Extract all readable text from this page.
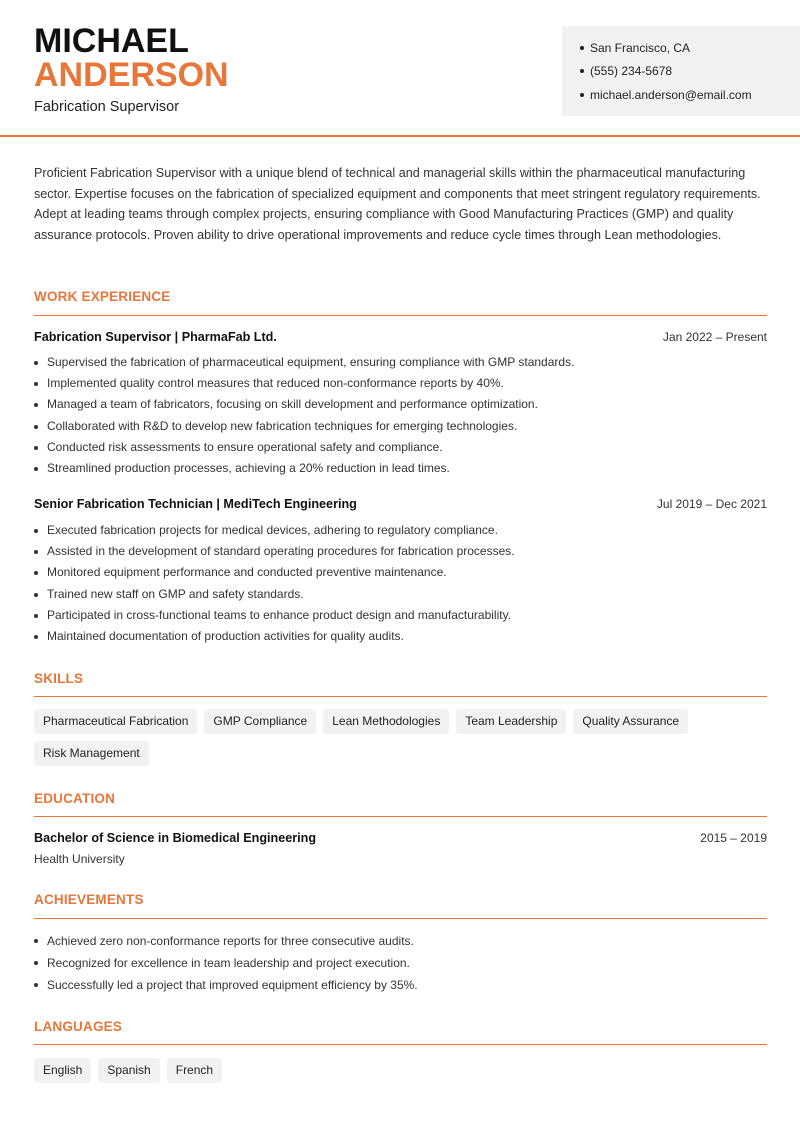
MICHAEL
ANDERSON
Fabrication Supervisor
San Francisco, CA
(555) 234-5678
michael.anderson@email.com

Proficient Fabrication Supervisor with a unique blend of technical and managerial skills within the pharmaceutical manufacturing sector. Expertise focuses on the fabrication of specialized equipment and components that meet stringent regulatory requirements. Adept at leading teams through complex projects, ensuring compliance with Good Manufacturing Practices (GMP) and quality assurance protocols. Proven ability to drive operational improvements and reduce cycle times through Lean methodologies.

WORK EXPERIENCE
Fabrication Supervisor | PharmaFab Ltd.	Jan 2022 – Present
Supervised the fabrication of pharmaceutical equipment, ensuring compliance with GMP standards.
Implemented quality control measures that reduced non-conformance reports by 40%.
Managed a team of fabricators, focusing on skill development and performance optimization.
Collaborated with R&D to develop new fabrication techniques for emerging technologies.
Conducted risk assessments to ensure operational safety and compliance.
Streamlined production processes, achieving a 20% reduction in lead times.
Senior Fabrication Technician | MediTech Engineering	Jul 2019 – Dec 2021
Executed fabrication projects for medical devices, adhering to regulatory compliance.
Assisted in the development of standard operating procedures for fabrication processes.
Monitored equipment performance and conducted preventive maintenance.
Trained new staff on GMP and safety standards.
Participated in cross-functional teams to enhance product design and manufacturability.
Maintained documentation of production activities for quality audits.
SKILLS
Pharmaceutical Fabrication	GMP Compliance	Lean Methodologies	Team Leadership	Quality Assurance
Risk Management
EDUCATION
Bachelor of Science in Biomedical Engineering	2015 – 2019
Health University
ACHIEVEMENTS
Achieved zero non-conformance reports for three consecutive audits.
Recognized for excellence in team leadership and project execution.
Successfully led a project that improved equipment efficiency by 35%.
LANGUAGES
English	Spanish	French
